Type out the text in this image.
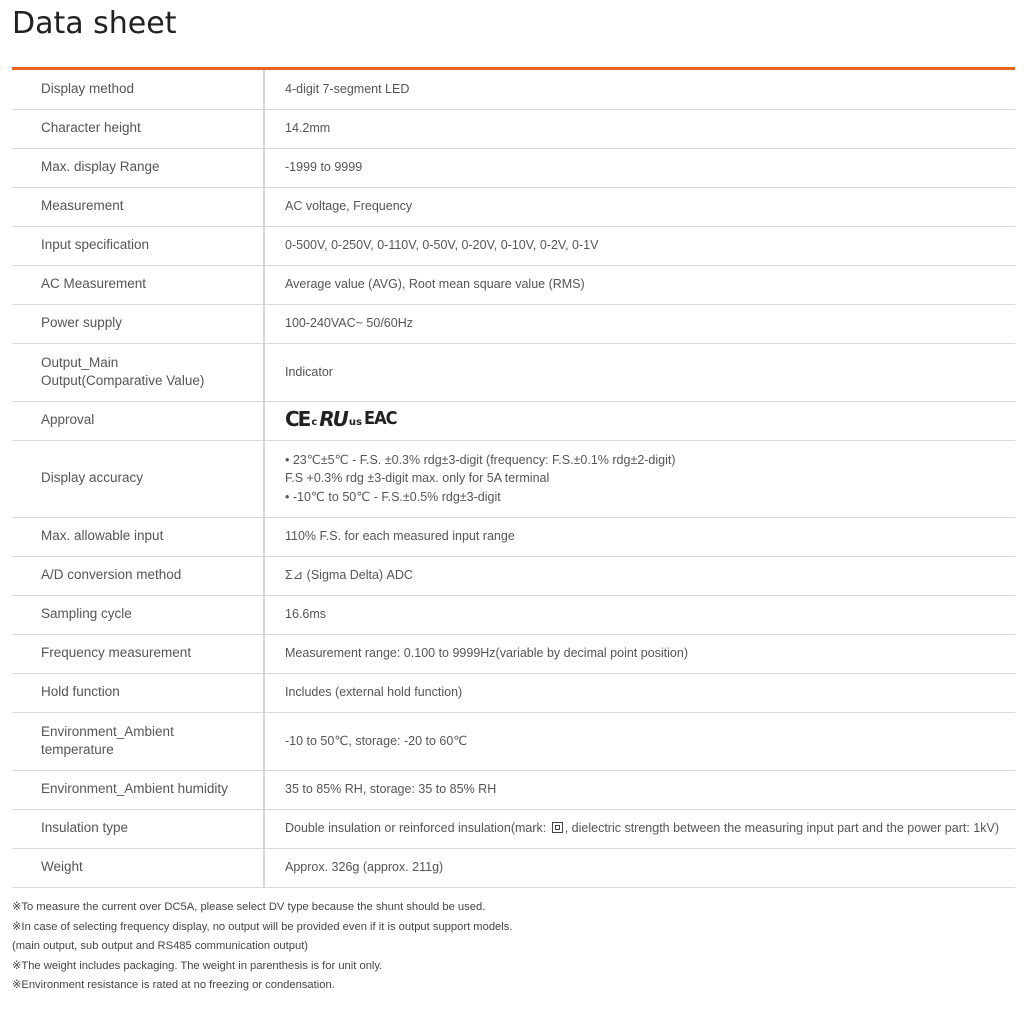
Data sheet
Display method	4-digit 7-segment LED

Character height	14.2mm

Max. display Range	-1999 to 9999

Measurement	AC voltage, Frequency

Input specification	0-500V, 0-250V, 0-110V, 0-50V, 0-20V, 0-10V, 0-2V, 0-1V

AC Measurement	Average value (AVG), Root mean square value (RMS)

Power supply	100-240VAC~ 50/60Hz

Output_Main
Output(Comparative Value)	Indicator

Approval	CE c RU us EAC

Display accuracy	• 23℃±5℃ - F.S. ±0.3% rdg±3-digit (frequency: F.S.±0.1% rdg±2-digit)
F.S +0.3% rdg ±3-digit max. only for 5A terminal
• -10℃ to 50℃ - F.S.±0.5% rdg±3-digit

Max. allowable input	110% F.S. for each measured input range

A/D conversion method	Σ⊿ (Sigma Delta) ADC

Sampling cycle	16.6ms

Frequency measurement	Measurement range: 0.100 to 9999Hz(variable by decimal point position)

Hold function	Includes (external hold function)

Environment_Ambient
temperature	-10 to 50℃, storage: -20 to 60℃

Environment_Ambient humidity	35 to 85% RH, storage: 35 to 85% RH

Insulation type	Double insulation or reinforced insulation(mark: , dielectric strength between the measuring input part and the power part: 1kV)

Weight	Approx. 326g (approx. 211g)
※To measure the current over DC5A, please select DV type because the shunt should be used.
※In case of selecting frequency display, no output will be provided even if it is output support models.
(main output, sub output and RS485 communication output)
※The weight includes packaging. The weight in parenthesis is for unit only.
※Environment resistance is rated at no freezing or condensation.
